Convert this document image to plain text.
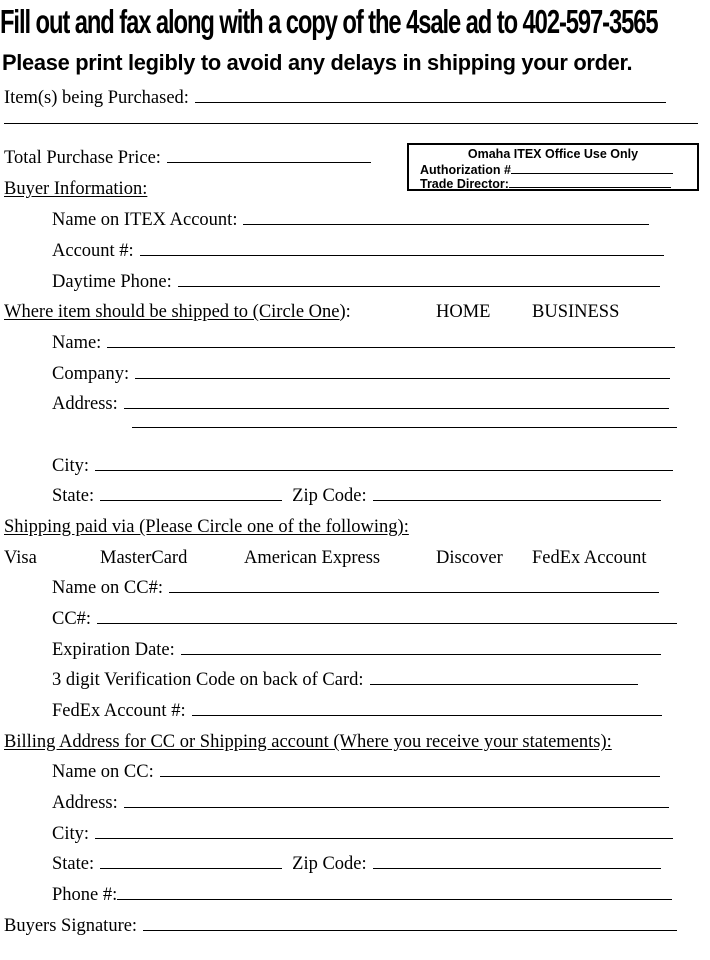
Fill out and fax along with a copy of the 4sale ad to 402-597-3565
Please print legibly to avoid any delays in shipping your order.
Item(s) being Purchased:
Total Purchase Price:	Omaha ITEX Office Use Only
Authorization #
Trade Director:
Buyer Information:
Name on ITEX Account:
Account #:
Daytime Phone:
Where item should be shipped to (Circle One):	HOME BUSINESS
Name:
Company:
Address:
City:
State:	Zip Code:
Shipping paid via (Please Circle one of the following):
Visa	MasterCard	American Express	Discover FedEx Account
Name on CC#:
CC#:
Expiration Date:
3 digit Verification Code on back of Card:
FedEx Account #:
Billing Address for CC or Shipping account (Where you receive your statements):
Name on CC:
Address:
City:
State:	Zip Code:
Phone #:
Buyers Signature:
